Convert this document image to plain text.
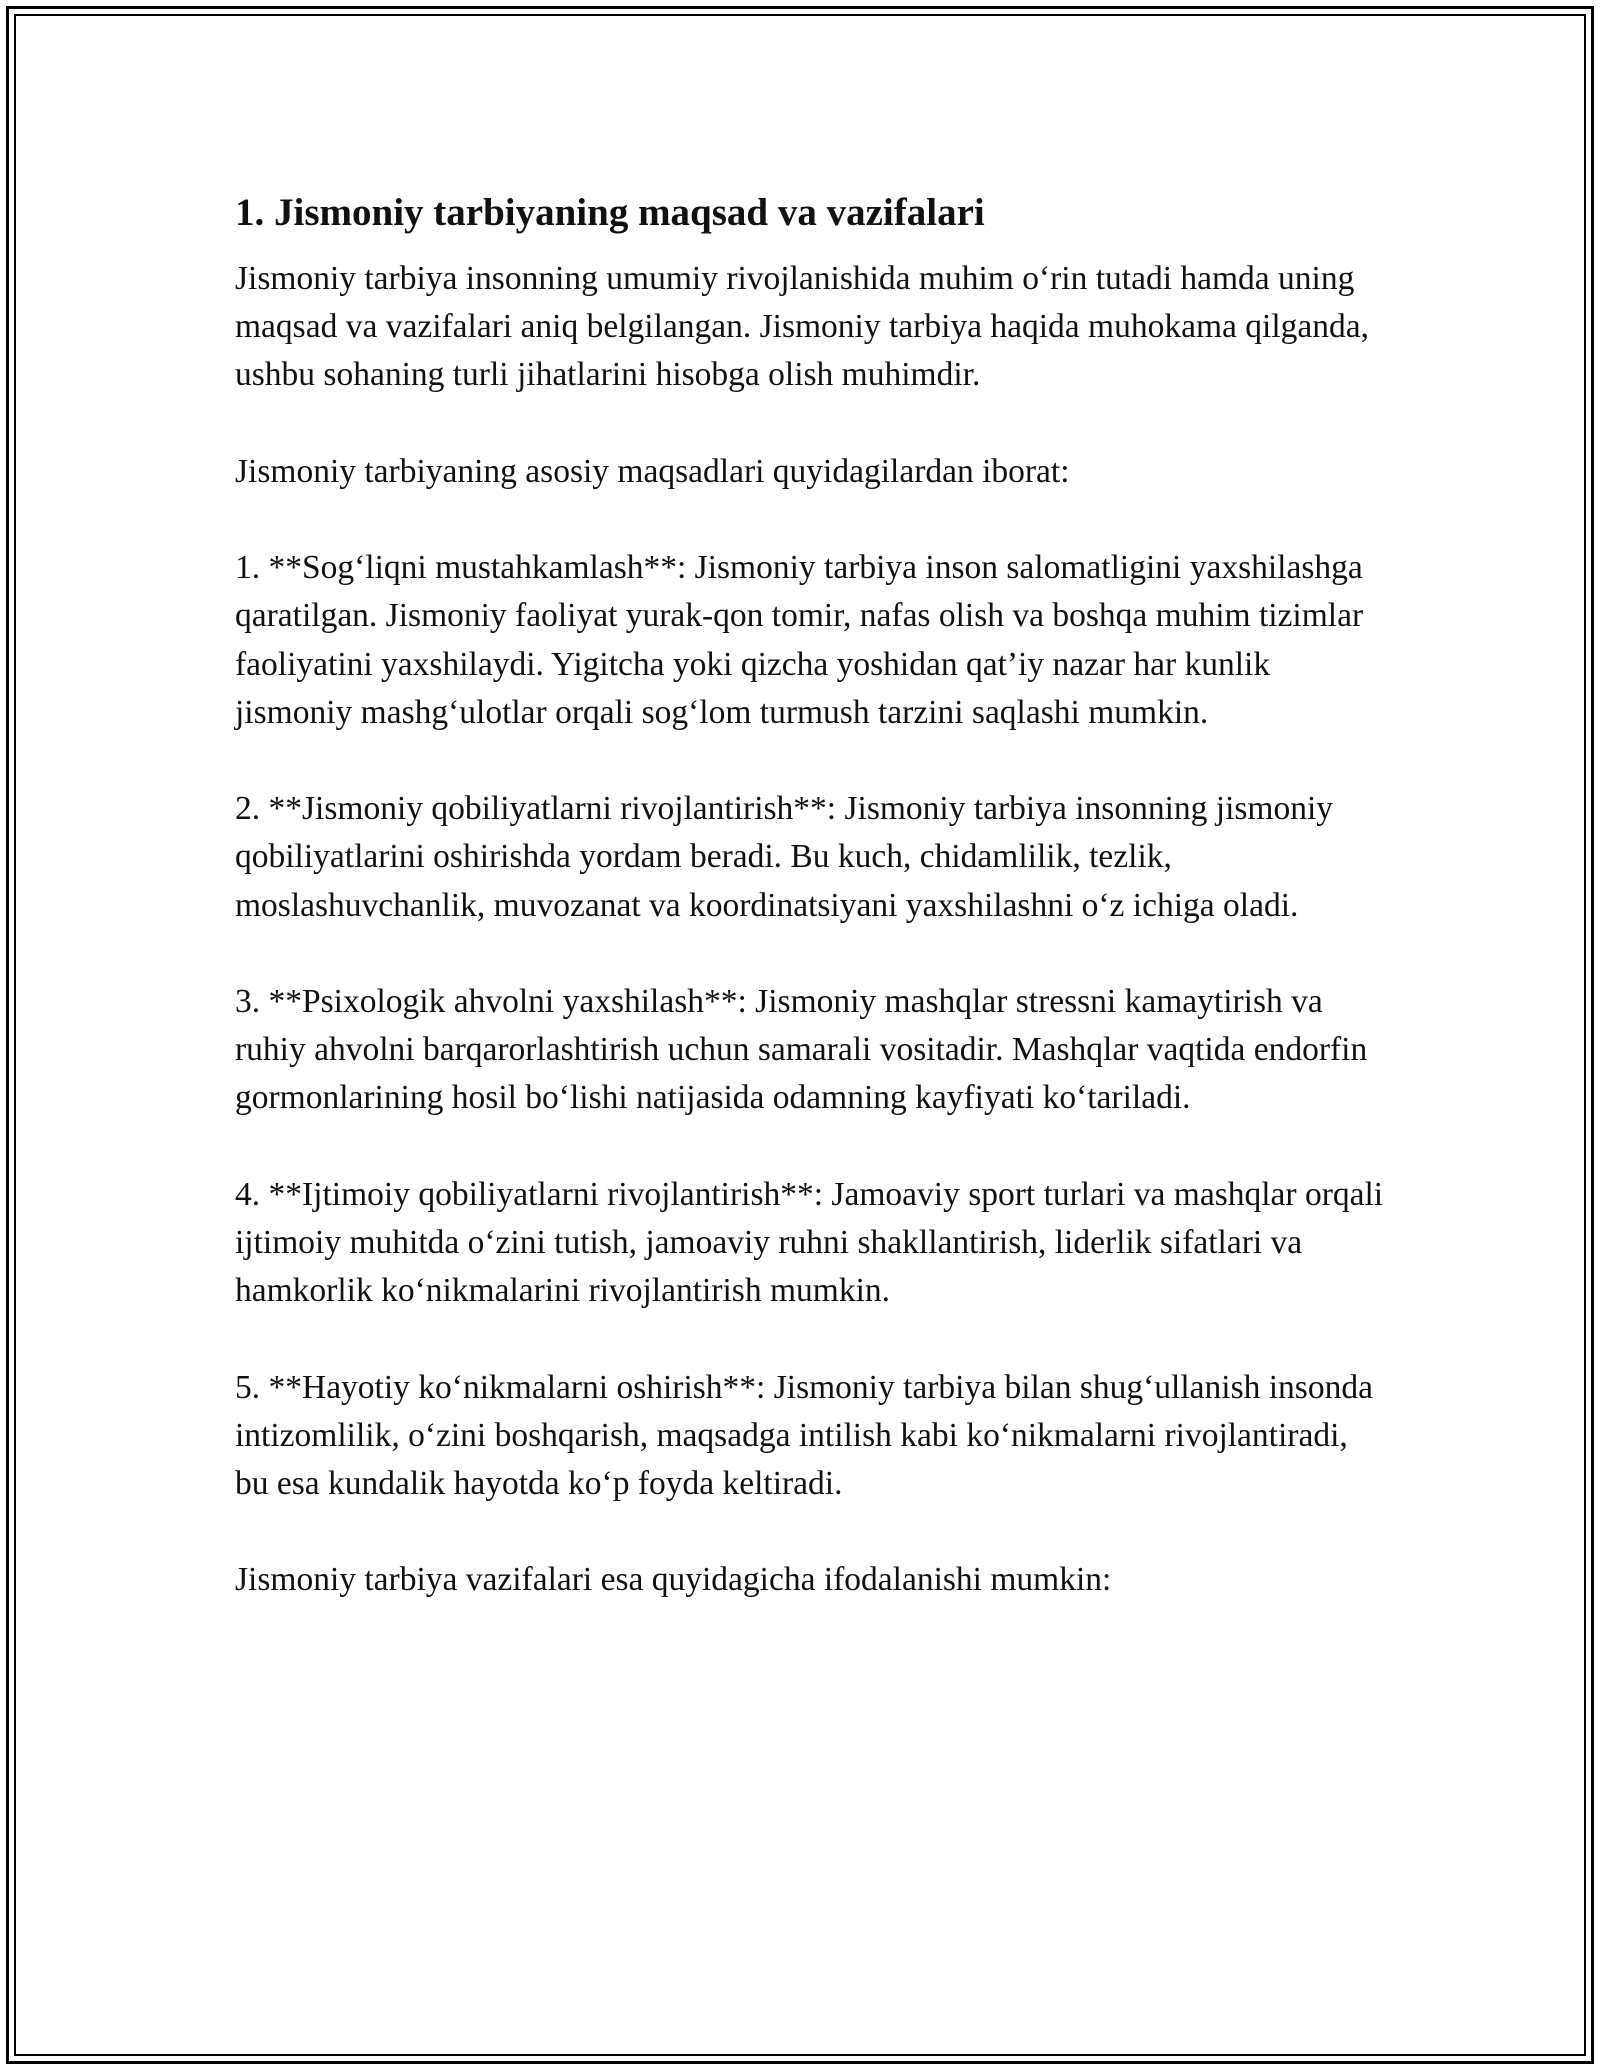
1. Jismoniy tarbiyaning maqsad va vazifalari

Jismoniy tarbiya insonning umumiy rivojlanishida muhim o‘rin tutadi hamda uning maqsad va vazifalari aniq belgilangan. Jismoniy tarbiya haqida muhokama qilganda, ushbu sohaning turli jihatlarini hisobga olish muhimdir.

Jismoniy tarbiyaning asosiy maqsadlari quyidagilardan iborat:

1. **Sog‘liqni mustahkamlash**: Jismoniy tarbiya inson salomatligini yaxshilashga qaratilgan. Jismoniy faoliyat yurak-qon tomir, nafas olish va boshqa muhim tizimlar faoliyatini yaxshilaydi. Yigitcha yoki qizcha yoshidan qat’iy nazar har kunlik jismoniy mashg‘ulotlar orqali sog‘lom turmush tarzini saqlashi mumkin.

2. **Jismoniy qobiliyatlarni rivojlantirish**: Jismoniy tarbiya insonning jismoniy qobiliyatlarini oshirishda yordam beradi. Bu kuch, chidamlilik, tezlik, moslashuvchanlik, muvozanat va koordinatsiyani yaxshilashni o‘z ichiga oladi.

3. **Psixologik ahvolni yaxshilash**: Jismoniy mashqlar stressni kamaytirish va ruhiy ahvolni barqarorlashtirish uchun samarali vositadir. Mashqlar vaqtida endorfin gormonlarining hosil bo‘lishi natijasida odamning kayfiyati ko‘tariladi.

4. **Ijtimoiy qobiliyatlarni rivojlantirish**: Jamoaviy sport turlari va mashqlar orqali ijtimoiy muhitda o‘zini tutish, jamoaviy ruhni shakllantirish, liderlik sifatlari va hamkorlik ko‘nikmalarini rivojlantirish mumkin.

5. **Hayotiy ko‘nikmalarni oshirish**: Jismoniy tarbiya bilan shug‘ullanish insonda intizomlilik, o‘zini boshqarish, maqsadga intilish kabi ko‘nikmalarni rivojlantiradi, bu esa kundalik hayotda ko‘p foyda keltiradi.

Jismoniy tarbiya vazifalari esa quyidagicha ifodalanishi mumkin:
